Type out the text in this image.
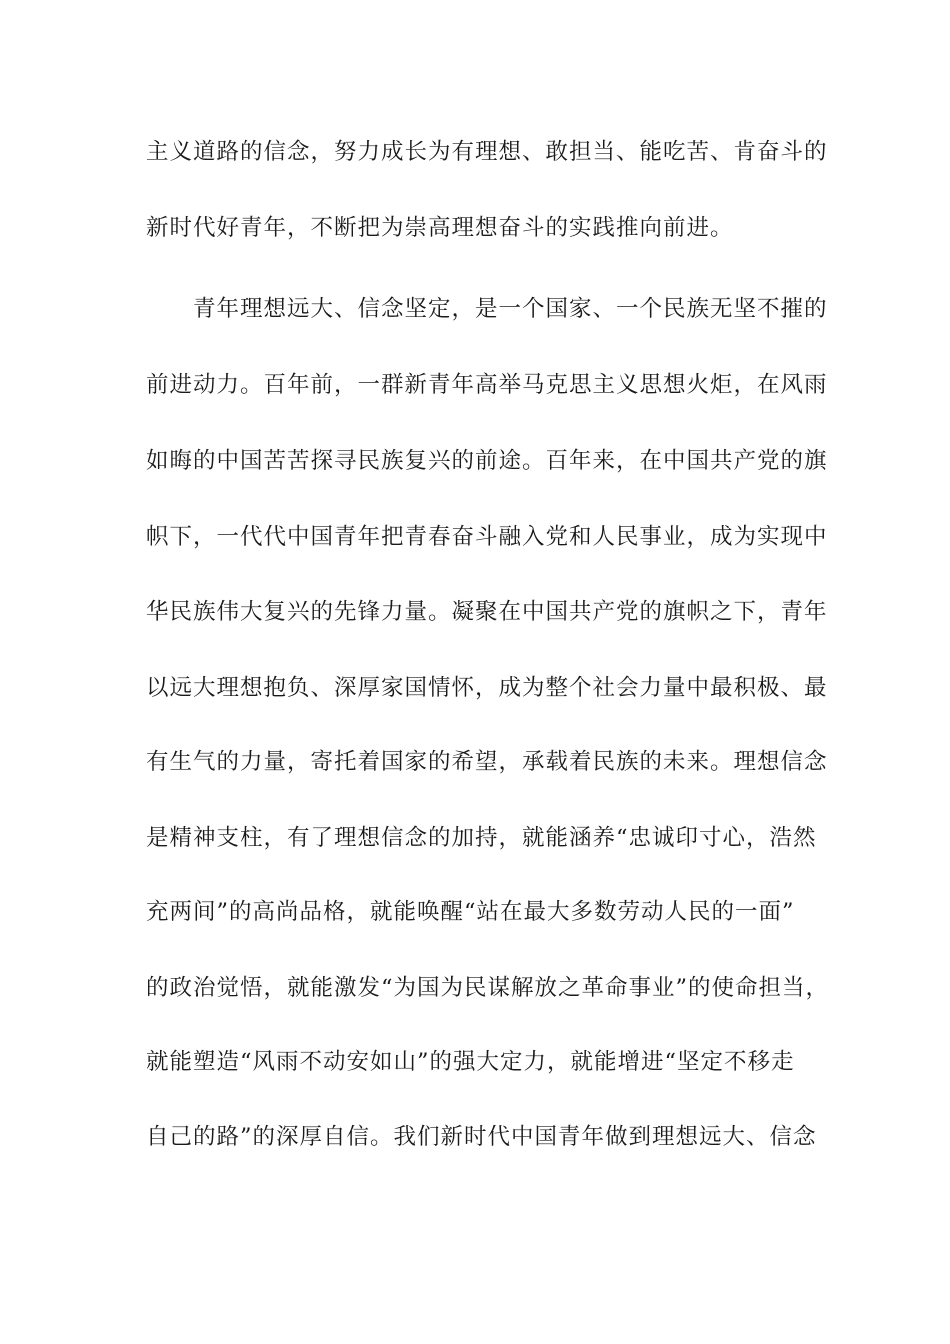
主义道路的信念，努力成长为有理想、敢担当、能吃苦、肯奋斗的
新时代好青年，不断把为崇高理想奋斗的实践推向前进。
　　青年理想远大、信念坚定，是一个国家、一个民族无坚不摧的
前进动力。百年前，一群新青年高举马克思主义思想火炬，在风雨
如晦的中国苦苦探寻民族复兴的前途。百年来，在中国共产党的旗
帜下，一代代中国青年把青春奋斗融入党和人民事业，成为实现中
华民族伟大复兴的先锋力量。凝聚在中国共产党的旗帜之下，青年
以远大理想抱负、深厚家国情怀，成为整个社会力量中最积极、最
有生气的力量，寄托着国家的希望，承载着民族的未来。理想信念
是精神支柱，有了理想信念的加持，就能涵养“忠诚印寸心，浩然
充两间”的高尚品格，就能唤醒“站在最大多数劳动人民的一面”
的政治觉悟，就能激发“为国为民谋解放之革命事业”的使命担当，
就能塑造“风雨不动安如山”的强大定力，就能增进“坚定不移走
自己的路”的深厚自信。我们新时代中国青年做到理想远大、信念
